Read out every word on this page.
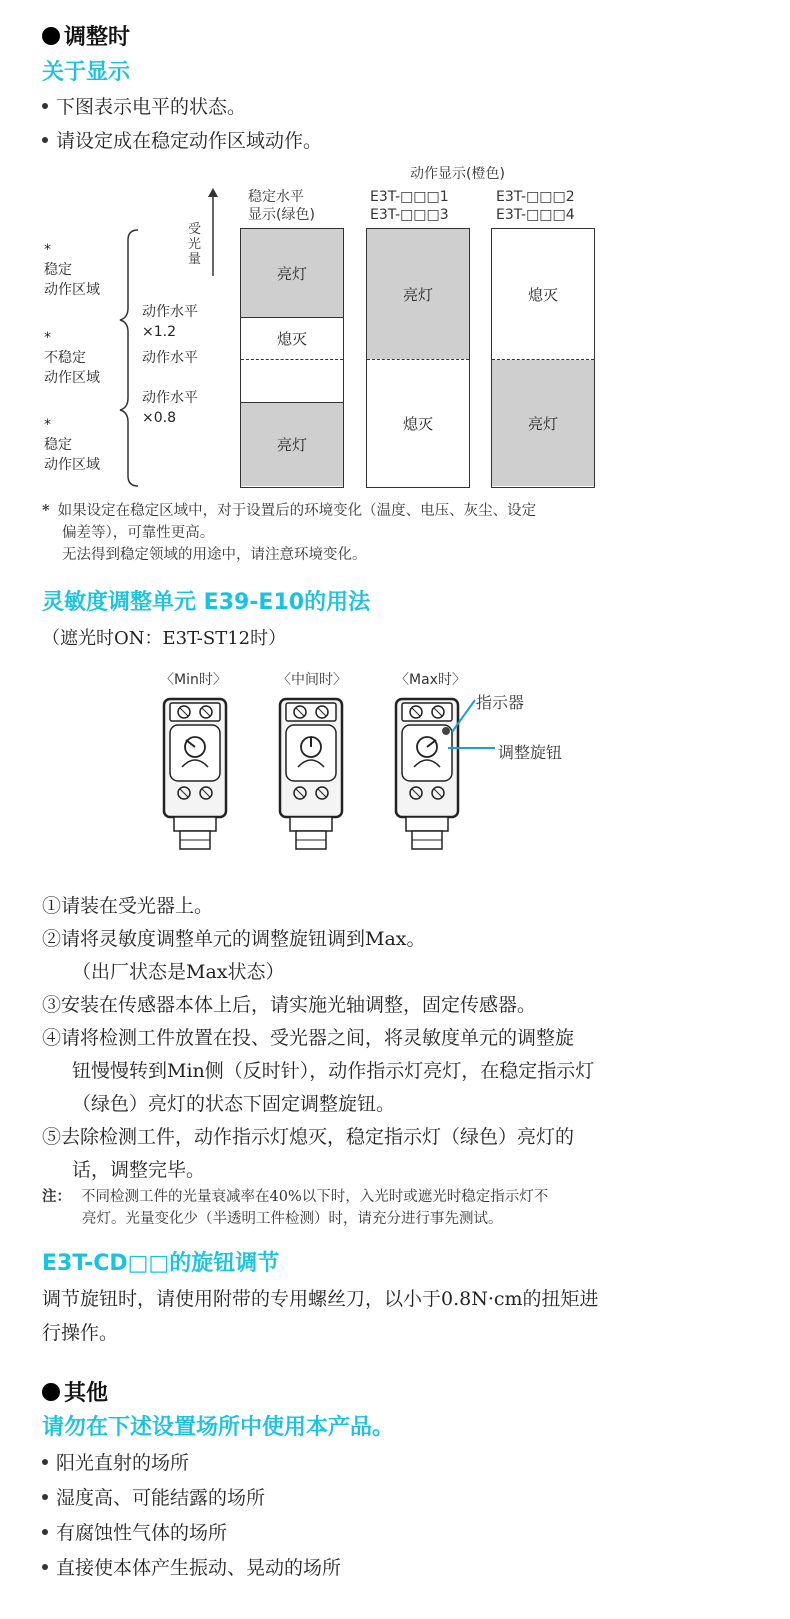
调整时
关于显示
下图表示电平的状态。
请设定成在稳定动作区域动作。
动作显示(橙色)
稳定水平
显示(绿色)
E3T-□□□1
E3T-□□□3
E3T-□□□2
E3T-□□□4
受光量
*
稳定
动作区域
*
不稳定
动作区域
*
稳定
动作区域
动作水平
×1.2
动作水平
动作水平
×0.8
亮灯
熄灭
亮灯
亮灯
熄灭
熄灭
亮灯
* 如果设定在稳定区域中，对于设置后的环境变化（温度、电压、灰尘、设定
偏差等），可靠性更高。
无法得到稳定领域的用途中，请注意环境变化。
灵敏度调整单元 E39-E10的用法
（遮光时ON：E3T-ST12时）
〈Min时〉	〈中间时〉	〈Max时〉
指示器
调整旋钮
①请装在受光器上。
②请将灵敏度调整单元的调整旋钮调到Max。
（出厂状态是Max状态）
③安装在传感器本体上后，请实施光轴调整，固定传感器。
④请将检测工件放置在投、受光器之间，将灵敏度单元的调整旋
钮慢慢转到Min侧（反时针），动作指示灯亮灯，在稳定指示灯
（绿色）亮灯的状态下固定调整旋钮。
⑤去除检测工件，动作指示灯熄灭，稳定指示灯（绿色）亮灯的
话，调整完毕。
注： 不同检测工件的光量衰减率在40%以下时，入光时或遮光时稳定指示灯不
亮灯。光量变化少（半透明工件检测）时，请充分进行事先测试。
E3T-CD□□的旋钮调节
调节旋钮时，请使用附带的专用螺丝刀，以小于0.8N·cm的扭矩进
行操作。
其他
请勿在下述设置场所中使用本产品。
阳光直射的场所
湿度高、可能结露的场所
有腐蚀性气体的场所
直接使本体产生振动、晃动的场所
